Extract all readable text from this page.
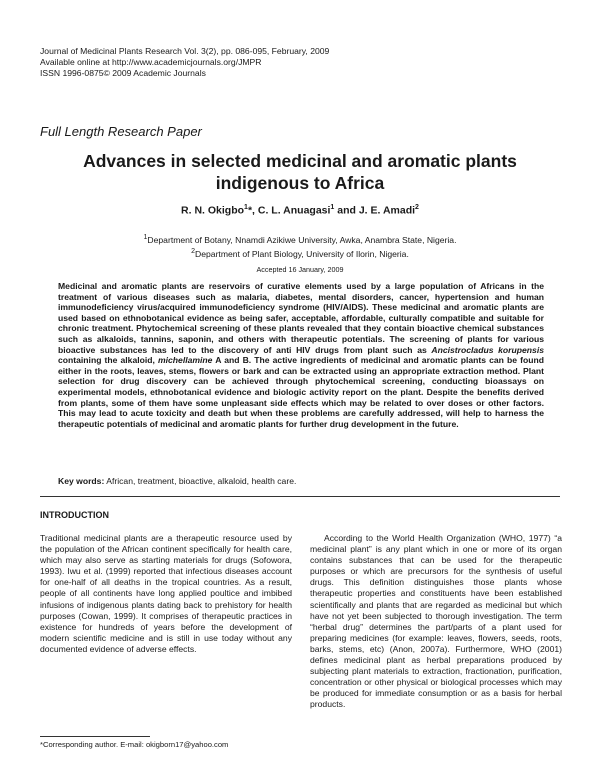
Journal of Medicinal Plants Research Vol. 3(2), pp. 086-095, February, 2009
Available online at http://www.academicjournals.org/JMPR
ISSN 1996-0875© 2009 Academic Journals
Full Length Research Paper
Advances in selected medicinal and aromatic plants
indigenous to Africa
R. N. Okigbo$^1$*, C. L. Anuagasi$^1$ and J. E. Amadi$^2$
$^1$Department of Botany, Nnamdi Azikiwe University, Awka, Anambra State, Nigeria.
$^2$Department of Plant Biology, University of Ilorin, Nigeria.
Accepted 16 January, 2009
Medicinal and aromatic plants are reservoirs of curative elements used by a large population of Africans in the treatment of various diseases such as malaria, diabetes, mental disorders, cancer, hypertension and human immunodeficiency virus/acquired immunodeficiency syndrome (HIV/AIDS). These medicinal and aromatic plants are used based on ethnobotanical evidence as being safer, acceptable, affordable, culturally compatible and suitable for chronic treatment. Phytochemical screening of these plants revealed that they contain bioactive chemical substances such as alkaloids, tannins, saponin, and others with therapeutic potentials. The screening of plants for various bioactive substances has led to the discovery of anti HIV drugs from plant such as Ancistrocladus korupensis containing the alkaloid, michellamine A and B. The active ingredients of medicinal and aromatic plants can be found either in the roots, leaves, stems, flowers or bark and can be extracted using an appropriate extraction method. Plant selection for drug discovery can be achieved through phytochemical screening, conducting bioassays on experimental models, ethnobotanical evidence and biologic activity report on the plant. Despite the benefits derived from plants, some of them have some unpleasant side effects which may be related to over doses or other factors. This may lead to acute toxicity and death but when these problems are carefully addressed, will help to harness the therapeutic potentials of medicinal and aromatic plants for further drug development in the future.
Key words: African, treatment, bioactive, alkaloid, health care.
INTRODUCTION
Traditional medicinal plants are a therapeutic resource used by the population of the African continent specifically for health care, which may also serve as starting materials for drugs (Sofowora, 1993). Iwu et al. (1999) reported that infectious diseases account for one-half of all deaths in the tropical countries. As a result, people of all continents have long applied poultice and imbibed infusions of indigenous plants dating back to prehistory for health purposes (Cowan, 1999). It comprises of therapeutic practices in existence for hundreds of years before the development of modern scientific medicine and is still in use today without any documented evidence of adverse effects.
According to the World Health Organization (WHO, 1977) “a medicinal plant” is any plant which in one or more of its organ contains substances that can be used for the therapeutic purposes or which are precursors for the synthesis of useful drugs. This definition distinguishes those plants whose therapeutic properties and constituents have been established scientifically and plants that are regarded as medicinal but which have not yet been subjected to thorough investigation. The term “herbal drug” determines the part/parts of a plant used for preparing medicines (for example: leaves, flowers, seeds, roots, barks, stems, etc) (Anon, 2007a). Furthermore, WHO (2001) defines medicinal plant as herbal preparations produced by subjecting plant materials to extraction, fractionation, purification, concentration or other physical or biological processes which may be produced for immediate consumption or as a basis for herbal products.
*Corresponding author. E-mail: okigborn17@yahoo.com
